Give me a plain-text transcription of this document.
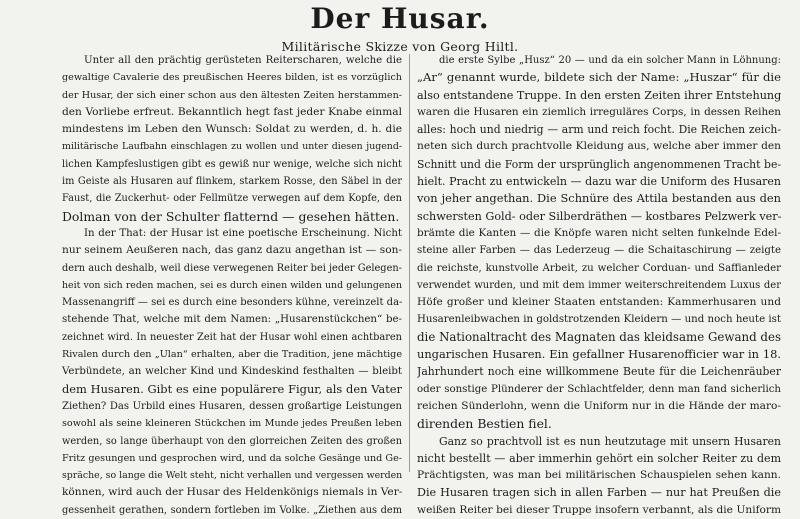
Der Husar.
Militärische Skizze von Georg Hiltl.
Unter all den prächtig gerüsteten Reiterscharen, welche die
gewaltige Cavalerie des preußischen Heeres bilden, ist es vorzüglich
der Husar, der sich einer schon aus den ältesten Zeiten herstammen-
den Vorliebe erfreut. Bekanntlich hegt fast jeder Knabe einmal
mindestens im Leben den Wunsch: Soldat zu werden, d. h. die
militärische Laufbahn einschlagen zu wollen und unter diesen jugend-
lichen Kampfeslustigen gibt es gewiß nur wenige, welche sich nicht
im Geiste als Husaren auf flinkem, starkem Rosse, den Säbel in der
Faust, die Zuckerhut- oder Fellmütze verwegen auf dem Kopfe, den
Dolman von der Schulter flatternd — gesehen hätten.
In der That: der Husar ist eine poetische Erscheinung. Nicht
nur seinem Aeußeren nach, das ganz dazu angethan ist — son-
dern auch deshalb, weil diese verwegenen Reiter bei jeder Gelegen-
heit von sich reden machen, sei es durch einen wilden und gelungenen
Massenangriff — sei es durch eine besonders kühne, vereinzelt da-
stehende That, welche mit dem Namen: „Husarenstückchen“ be-
zeichnet wird. In neuester Zeit hat der Husar wohl einen achtbaren
Rivalen durch den „Ulan“ erhalten, aber die Tradition, jene mächtige
Verbündete, an welcher Kind und Kindeskind festhalten — bleibt
dem Husaren. Gibt es eine populärere Figur, als den Vater
Ziethen? Das Urbild eines Husaren, dessen großartige Leistungen
sowohl als seine kleineren Stückchen im Munde jedes Preußen leben
werden, so lange überhaupt von den glorreichen Zeiten des großen
Fritz gesungen und gesprochen wird, und da solche Gesänge und Ge-
spräche, so lange die Welt steht, nicht verhallen und vergessen werden
können, wird auch der Husar des Heldenkönigs niemals in Ver-
gessenheit gerathen, sondern fortleben im Volke. „Ziethen aus dem
die erste Sylbe „Husz“ 20 — und da ein solcher Mann in Löhnung:
„Ar“ genannt wurde, bildete sich der Name: „Huszar“ für die
also entstandene Truppe. In den ersten Zeiten ihrer Entstehung
waren die Husaren ein ziemlich irreguläres Corps, in dessen Reihen
alles: hoch und niedrig — arm und reich focht. Die Reichen zeich-
neten sich durch prachtvolle Kleidung aus, welche aber immer den
Schnitt und die Form der ursprünglich angenommenen Tracht be-
hielt. Pracht zu entwickeln — dazu war die Uniform des Husaren
von jeher angethan. Die Schnüre des Attila bestanden aus den
schwersten Gold- oder Silberdräthen — kostbares Pelzwerk ver-
brämte die Kanten — die Knöpfe waren nicht selten funkelnde Edel-
steine aller Farben — das Lederzeug — die Schaitaschirung — zeigte
die reichste, kunstvolle Arbeit, zu welcher Corduan- und Saffianleder
verwendet wurden, und mit dem immer weiterschreitendem Luxus der
Höfe großer und kleiner Staaten entstanden: Kammerhusaren und
Husarenleibwachen in goldstrotzenden Kleidern — und noch heute ist
die Nationaltracht des Magnaten das kleidsame Gewand des
ungarischen Husaren. Ein gefallner Husarenofficier war in 18.
Jahrhundert noch eine willkommene Beute für die Leichenräuber
oder sonstige Plünderer der Schlachtfelder, denn man fand sicherlich
reichen Sünderlohn, wenn die Uniform nur in die Hände der maro-
direnden Bestien fiel.
Ganz so prachtvoll ist es nun heutzutage mit unsern Husaren
nicht bestellt — aber immerhin gehört ein solcher Reiter zu dem
Prächtigsten, was man bei militärischen Schauspielen sehen kann.
Die Husaren tragen sich in allen Farben — nur hat Preußen die
weißen Reiter bei dieser Truppe insofern verbannt, als die Uniform
